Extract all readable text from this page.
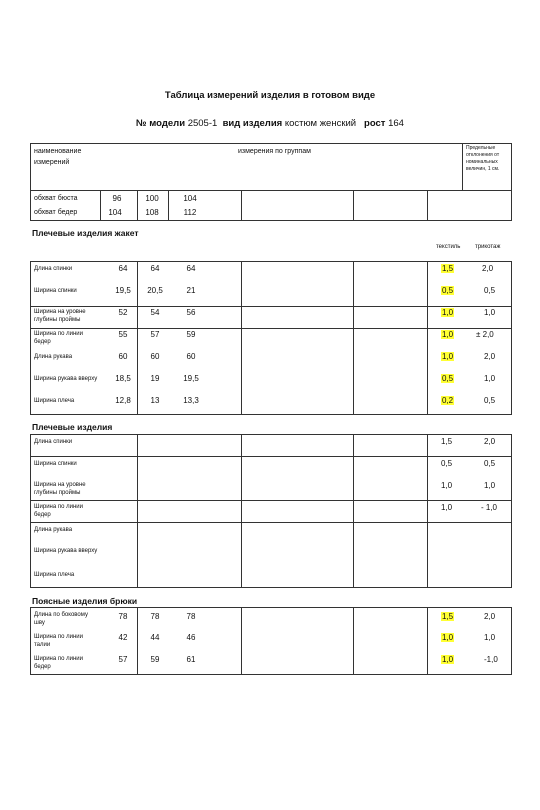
Таблица измерений изделия в готовом виде
№ модели 2505-1 вид изделия костюм женский рост 164
наименование
измерений
измерения по группам	Предельные
отклонения от
номинальных
величин, 1 см.
обхват бюста	96	100	104
обхват бедер	104	108	112
Плечевые изделия жакет
текстиль трикотаж
Длина спинки	64	64	64	1,5	2,0
Ширина спинки	19,5	20,5	21	0,5	0,5
Ширина на уровне
глубины проймы
52	54	56	1,0	1,0
Ширина по линии
бедер
55	57	59	1,0	± 2,0
Длина рукава	60	60	60	1,0	2,0
Ширина рукава вверху	18,5	19	19,5	0,5	1,0
Ширина плеча	12,8	13	13,3	0,2	0,5
Плечевые изделия
Длина спинки	1,5	2,0
Ширина спинки	0,5	0,5
Ширина на уровне
глубины проймы
1,0	1,0
Ширина по линии
бедер
1,0	- 1,0
Длина рукава
Ширина рукава вверху
Ширина плеча
Поясные изделия брюки
Длина по боковому
шву
78	78	78	1,5	2,0
Ширина по линии
талии
42	44	46	1,0	1,0
Ширина по линии
бедер
57	59	61	1,0	-1,0
